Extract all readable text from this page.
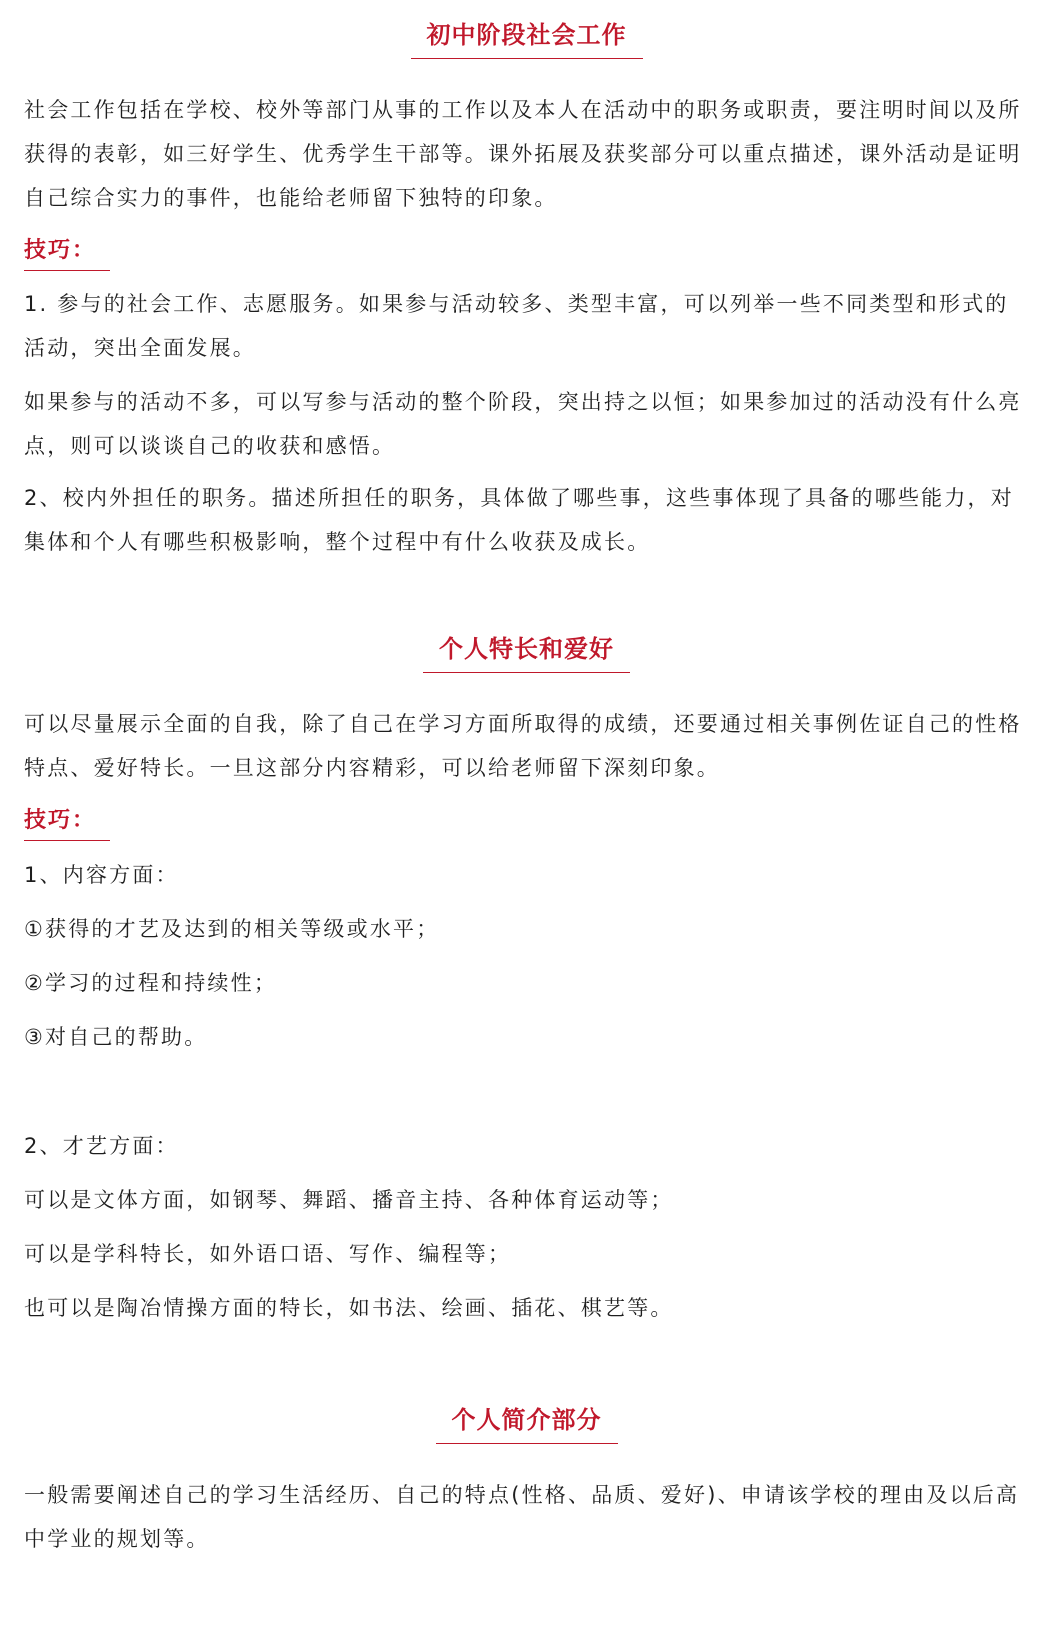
初中阶段社会工作

社会工作包括在学校、校外等部门从事的工作以及本人在活动中的职务或职责，要注明时间以及所获得的表彰，如三好学生、优秀学生干部等。课外拓展及获奖部分可以重点描述，课外活动是证明自己综合实力的事件，也能给老师留下独特的印象。

技巧：

1. 参与的社会工作、志愿服务。如果参与活动较多、类型丰富，可以列举一些不同类型和形式的活动，突出全面发展。

如果参与的活动不多，可以写参与活动的整个阶段，突出持之以恒；如果参加过的活动没有什么亮点，则可以谈谈自己的收获和感悟。

2、校内外担任的职务。描述所担任的职务，具体做了哪些事，这些事体现了具备的哪些能力，对集体和个人有哪些积极影响，整个过程中有什么收获及成长。

个人特长和爱好

可以尽量展示全面的自我，除了自己在学习方面所取得的成绩，还要通过相关事例佐证自己的性格特点、爱好特长。一旦这部分内容精彩，可以给老师留下深刻印象。

技巧：

1、内容方面：

①获得的才艺及达到的相关等级或水平；

②学习的过程和持续性；

③对自己的帮助。

2、才艺方面：

可以是文体方面，如钢琴、舞蹈、播音主持、各种体育运动等；

可以是学科特长，如外语口语、写作、编程等；

也可以是陶冶情操方面的特长，如书法、绘画、插花、棋艺等。

个人简介部分

一般需要阐述自己的学习生活经历、自己的特点(性格、品质、爱好)、申请该学校的理由及以后高中学业的规划等。
